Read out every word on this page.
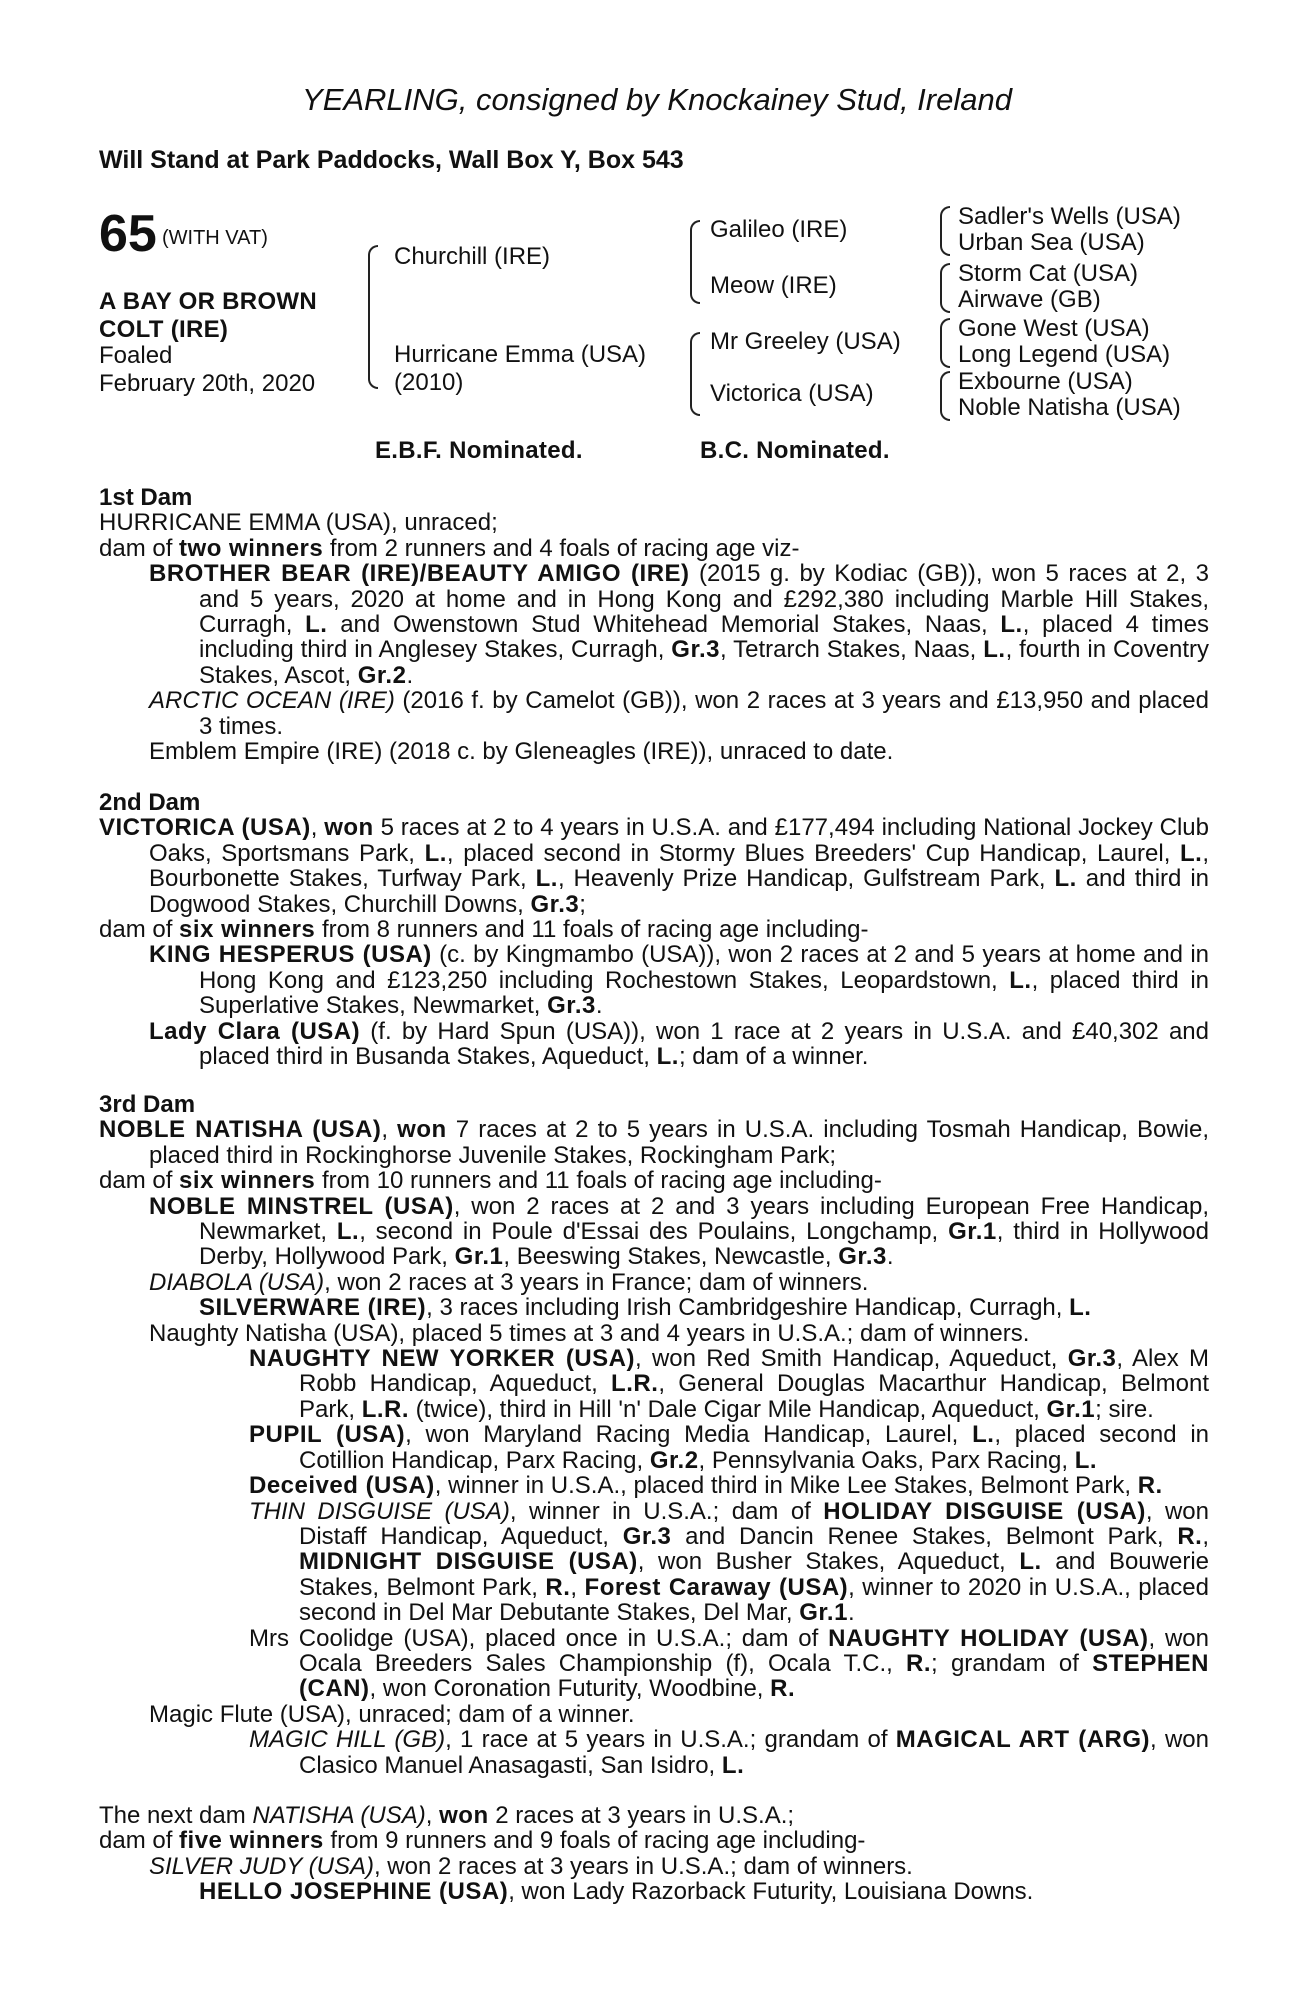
YEARLING, consigned by Knockainey Stud, Ireland
Will Stand at Park Paddocks, Wall Box Y, Box 543
65 (WITH VAT)
A BAY OR BROWN
COLT (IRE)
Foaled
February 20th, 2020
Churchill (IRE)
Hurricane Emma (USA)
(2010)
Galileo (IRE)
Meow (IRE)
Mr Greeley (USA)
Victorica (USA)
Sadler's Wells (USA)
Urban Sea (USA)
Storm Cat (USA)
Airwave (GB)
Gone West (USA)
Long Legend (USA)
Exbourne (USA)
Noble Natisha (USA)
E.B.F. Nominated.	B.C. Nominated.

1st Dam

HURRICANE EMMA (USA), unraced;

dam of two winners from 2 runners and 4 foals of racing age viz-

BROTHER BEAR (IRE)/BEAUTY AMIGO (IRE) (2015 g. by Kodiac (GB)), won 5 races at 2, 3 and 5 years, 2020 at home and in Hong Kong and £292,380 including Marble Hill Stakes, Curragh, L. and Owenstown Stud Whitehead Memorial Stakes, Naas, L., placed 4 times including third in Anglesey Stakes, Curragh, Gr.3, Tetrarch Stakes, Naas, L., fourth in Coventry Stakes, Ascot, Gr.2.

ARCTIC OCEAN (IRE) (2016 f. by Camelot (GB)), won 2 races at 3 years and £13,950 and placed 3 times.

Emblem Empire (IRE) (2018 c. by Gleneagles (IRE)), unraced to date.

2nd Dam

VICTORICA (USA), won 5 races at 2 to 4 years in U.S.A. and £177,494 including National Jockey Club Oaks, Sportsmans Park, L., placed second in Stormy Blues Breeders' Cup Handicap, Laurel, L., Bourbonette Stakes, Turfway Park, L., Heavenly Prize Handicap, Gulfstream Park, L. and third in Dogwood Stakes, Churchill Downs, Gr.3;

dam of six winners from 8 runners and 11 foals of racing age including-

KING HESPERUS (USA) (c. by Kingmambo (USA)), won 2 races at 2 and 5 years at home and in Hong Kong and £123,250 including Rochestown Stakes, Leopardstown, L., placed third in Superlative Stakes, Newmarket, Gr.3.

Lady Clara (USA) (f. by Hard Spun (USA)), won 1 race at 2 years in U.S.A. and £40,302 and placed third in Busanda Stakes, Aqueduct, L.; dam of a winner.

3rd Dam

NOBLE NATISHA (USA), won 7 races at 2 to 5 years in U.S.A. including Tosmah Handicap, Bowie, placed third in Rockinghorse Juvenile Stakes, Rockingham Park;

dam of six winners from 10 runners and 11 foals of racing age including-

NOBLE MINSTREL (USA), won 2 races at 2 and 3 years including European Free Handicap, Newmarket, L., second in Poule d'Essai des Poulains, Longchamp, Gr.1, third in Hollywood Derby, Hollywood Park, Gr.1, Beeswing Stakes, Newcastle, Gr.3.

DIABOLA (USA), won 2 races at 3 years in France; dam of winners.

SILVERWARE (IRE), 3 races including Irish Cambridgeshire Handicap, Curragh, L.

Naughty Natisha (USA), placed 5 times at 3 and 4 years in U.S.A.; dam of winners.

NAUGHTY NEW YORKER (USA), won Red Smith Handicap, Aqueduct, Gr.3, Alex M Robb Handicap, Aqueduct, L.R., General Douglas Macarthur Handicap, Belmont Park, L.R. (twice), third in Hill 'n' Dale Cigar Mile Handicap, Aqueduct, Gr.1; sire.

PUPIL (USA), won Maryland Racing Media Handicap, Laurel, L., placed second in Cotillion Handicap, Parx Racing, Gr.2, Pennsylvania Oaks, Parx Racing, L.

Deceived (USA), winner in U.S.A., placed third in Mike Lee Stakes, Belmont Park, R.

THIN DISGUISE (USA), winner in U.S.A.; dam of HOLIDAY DISGUISE (USA), won Distaff Handicap, Aqueduct, Gr.3 and Dancin Renee Stakes, Belmont Park, R., MIDNIGHT DISGUISE (USA), won Busher Stakes, Aqueduct, L. and Bouwerie Stakes, Belmont Park, R., Forest Caraway (USA), winner to 2020 in U.S.A., placed second in Del Mar Debutante Stakes, Del Mar, Gr.1.

Mrs Coolidge (USA), placed once in U.S.A.; dam of NAUGHTY HOLIDAY (USA), won Ocala Breeders Sales Championship (f), Ocala T.C., R.; grandam of STEPHEN (CAN), won Coronation Futurity, Woodbine, R.

Magic Flute (USA), unraced; dam of a winner.

MAGIC HILL (GB), 1 race at 5 years in U.S.A.; grandam of MAGICAL ART (ARG), won Clasico Manuel Anasagasti, San Isidro, L.

The next dam NATISHA (USA), won 2 races at 3 years in U.S.A.;

dam of five winners from 9 runners and 9 foals of racing age including-

SILVER JUDY (USA), won 2 races at 3 years in U.S.A.; dam of winners.

HELLO JOSEPHINE (USA), won Lady Razorback Futurity, Louisiana Downs.
